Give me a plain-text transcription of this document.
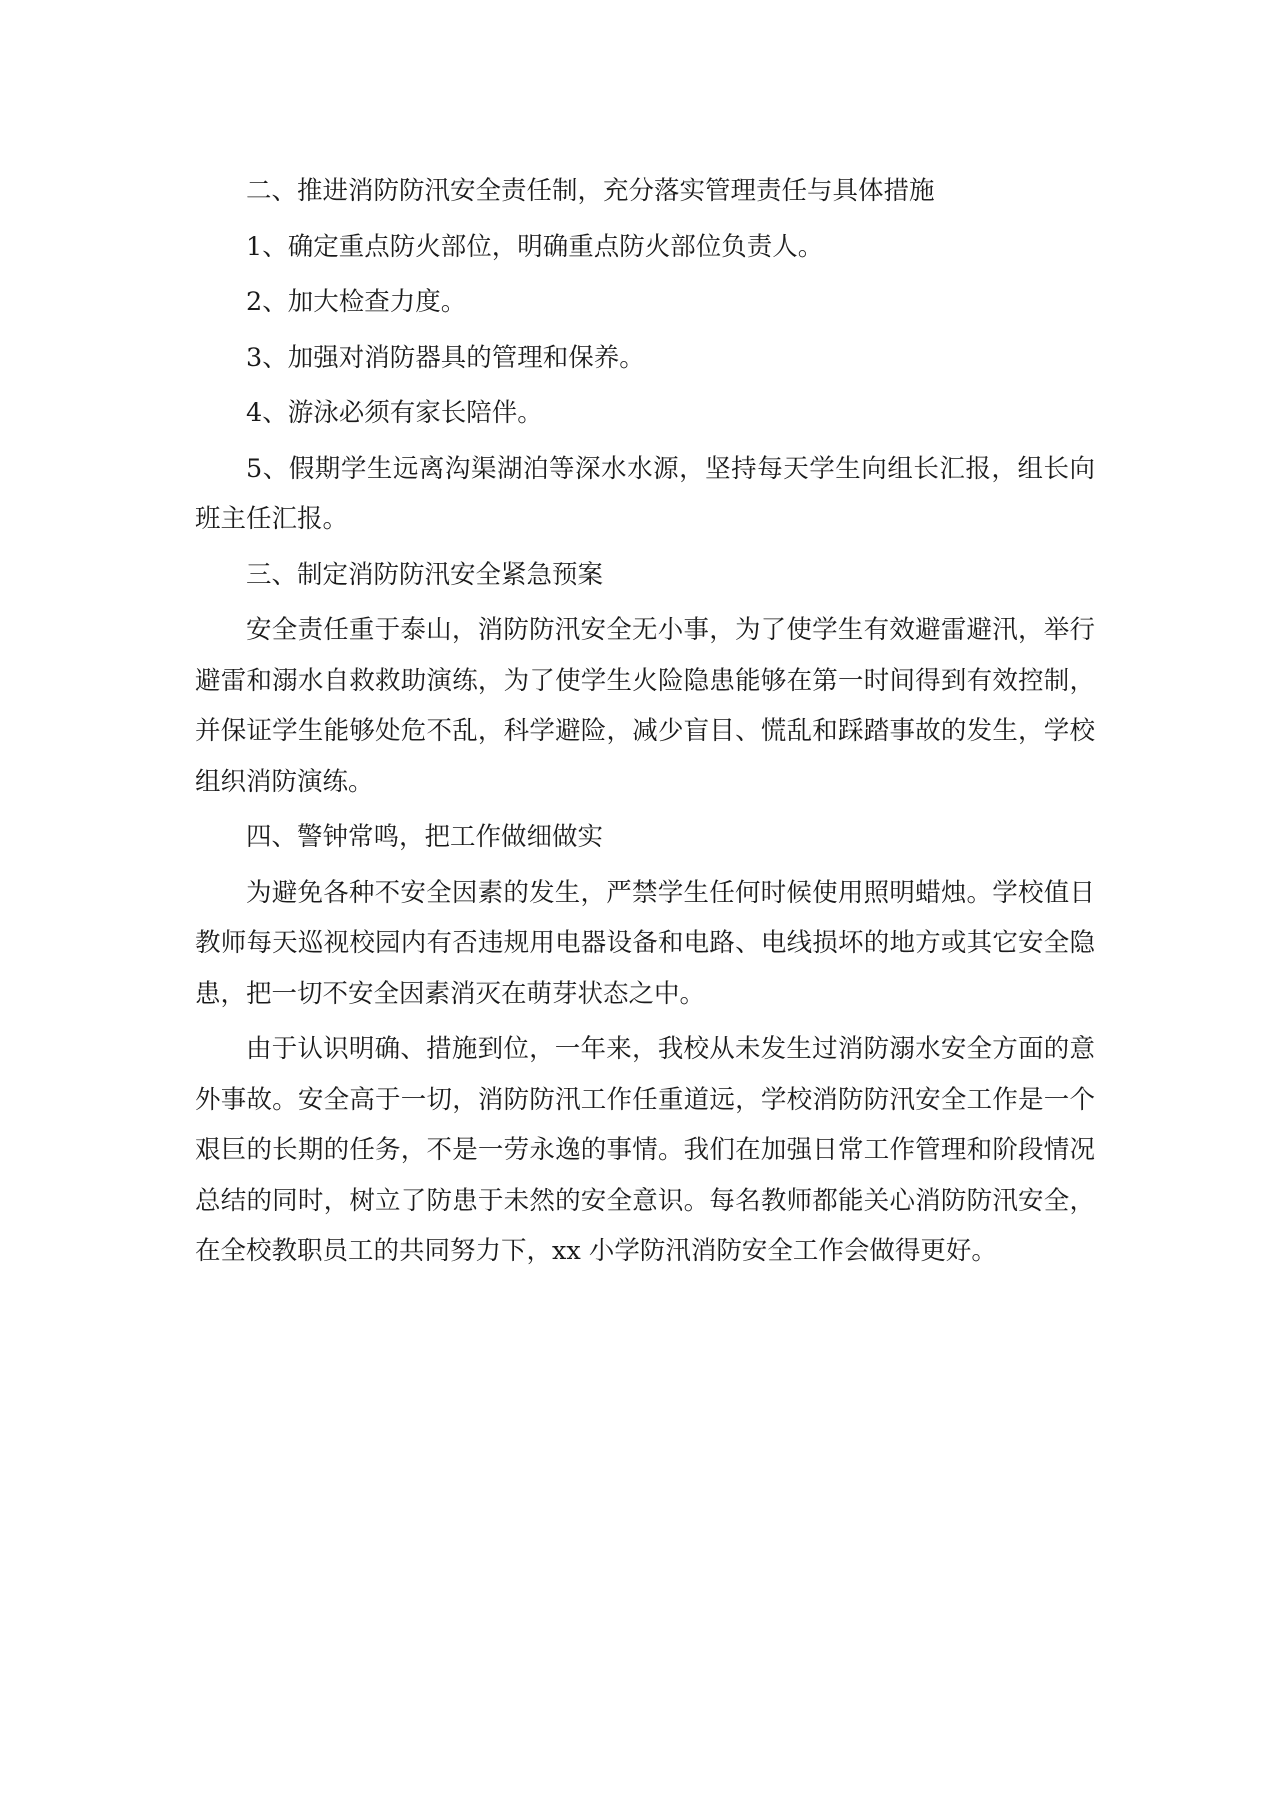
二、推进消防防汛安全责任制，充分落实管理责任与具体措施

1、确定重点防火部位，明确重点防火部位负责人。

2、加大检查力度。

3、加强对消防器具的管理和保养。

4、游泳必须有家长陪伴。

5、假期学生远离沟渠湖泊等深水水源，坚持每天学生向组长汇报，组长向班主任汇报。

三、制定消防防汛安全紧急预案

安全责任重于泰山，消防防汛安全无小事，为了使学生有效避雷避汛，举行避雷和溺水自救救助演练，为了使学生火险隐患能够在第一时间得到有效控制，并保证学生能够处危不乱，科学避险，减少盲目、慌乱和踩踏事故的发生，学校组织消防演练。

四、警钟常鸣，把工作做细做实

为避免各种不安全因素的发生，严禁学生任何时候使用照明蜡烛。学校值日教师每天巡视校园内有否违规用电器设备和电路、电线损坏的地方或其它安全隐患，把一切不安全因素消灭在萌芽状态之中。

由于认识明确、措施到位，一年来，我校从未发生过消防溺水安全方面的意外事故。安全高于一切，消防防汛工作任重道远，学校消防防汛安全工作是一个艰巨的长期的任务，不是一劳永逸的事情。我们在加强日常工作管理和阶段情况总结的同时，树立了防患于未然的安全意识。每名教师都能关心消防防汛安全，在全校教职员工的共同努力下，xx 小学防汛消防安全工作会做得更好。
